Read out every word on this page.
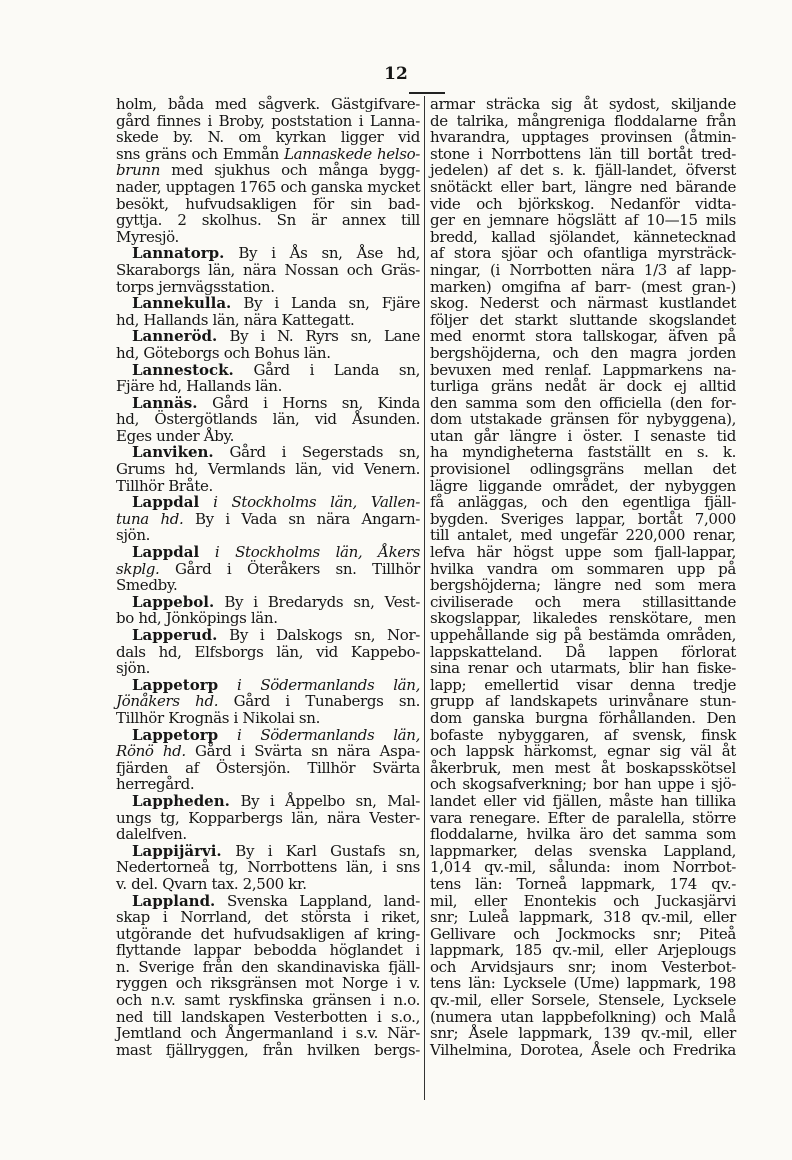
12
holm, båda med sågverk. Gästgifvare-
gård finnes i Broby, poststation i Lanna-
skede by. N. om kyrkan ligger vid
sns gräns och Emmån Lannaskede helso-
brunn med sjukhus och många bygg-
nader, upptagen 1765 och ganska mycket
besökt, hufvudsakligen för sin bad-
gyttja. 2 skolhus. Sn är annex till
Myresjö.
Lannatorp. By i Ås sn, Åse hd,
Skaraborgs län, nära Nossan och Gräs-
torps jernvägsstation.
Lannekulla. By i Landa sn, Fjäre
hd, Hallands län, nära Kattegatt.
Lanneröd. By i N. Ryrs sn, Lane
hd, Göteborgs och Bohus län.
Lannestock. Gård i Landa sn,
Fjäre hd, Hallands län.
Lannäs. Gård i Horns sn, Kinda
hd, Östergötlands län, vid Åsunden.
Eges under Åby.
Lanviken. Gård i Segerstads sn,
Grums hd, Vermlands län, vid Venern.
Tillhör Bråte.
Lappdal i Stockholms län, Vallen-
tuna hd. By i Vada sn nära Angarn-
sjön.
Lappdal i Stockholms län, Åkers
skplg. Gård i Öteråkers sn. Tillhör
Smedby.
Lappebol. By i Bredaryds sn, Vest-
bo hd, Jönköpings län.
Lapperud. By i Dalskogs sn, Nor-
dals hd, Elfsborgs län, vid Kappebo-
sjön.
Lappetorp i Södermanlands län,
Jönåkers hd. Gård i Tunabergs sn.
Tillhör Krognäs i Nikolai sn.
Lappetorp i Södermanlands län,
Rönö hd. Gård i Svärta sn nära Aspa-
fjärden af Östersjön. Tillhör Svärta
herregård.
Lappheden. By i Åppelbo sn, Mal-
ungs tg, Kopparbergs län, nära Vester-
dalelfven.
Lappijärvi. By i Karl Gustafs sn,
Nedertorneå tg, Norrbottens län, i sns
v. del. Qvarn tax. 2,500 kr.
Lappland. Svenska Lappland, land-
skap i Norrland, det största i riket,
utgörande det hufvudsakligen af kring-
flyttande lappar bebodda höglandet i
n. Sverige från den skandinaviska fjäll-
ryggen och riksgränsen mot Norge i v.
och n.v. samt ryskfinska gränsen i n.o.
ned till landskapen Vesterbotten i s.o.,
Jemtland och Ångermanland i s.v. När-
mast fjällryggen, från hvilken bergs-
armar sträcka sig åt sydost, skiljande
de talrika, mångreniga floddalarne från
hvarandra, upptages provinsen (åtmin-
stone i Norrbottens län till bortåt tred-
jedelen) af det s. k. fjäll-landet, öfverst
snötäckt eller bart, längre ned bärande
vide och björkskog. Nedanför vidta-
ger en jemnare högslätt af 10—15 mils
bredd, kallad sjölandet, kännetecknad
af stora sjöar och ofantliga myrsträck-
ningar, (i Norrbotten nära 1/3 af lapp-
marken) omgifna af barr- (mest gran-)
skog. Nederst och närmast kustlandet
följer det starkt sluttande skogslandet
med enormt stora tallskogar, äfven på
bergshöjderna, och den magra jorden
bevuxen med renlaf. Lappmarkens na-
turliga gräns nedåt är dock ej alltid
den samma som den officiella (den for-
dom utstakade gränsen för nybyggena),
utan går längre i öster. I senaste tid
ha myndigheterna fastställt en s. k.
provisionel odlingsgräns mellan det
lägre liggande området, der nybyggen
få anläggas, och den egentliga fjäll-
bygden. Sveriges lappar, bortåt 7,000
till antalet, med ungefär 220,000 renar,
lefva här högst uppe som fjall-lappar,
hvilka vandra om sommaren upp på
bergshöjderna; längre ned som mera
civiliserade och mera stillasittande
skogslappar, likaledes renskötare, men
uppehållande sig på bestämda områden,
lappskatteland. Då lappen förlorat
sina renar och utarmats, blir han fiske-
lapp; emellertid visar denna tredje
grupp af landskapets urinvånare stun-
dom ganska burgna förhållanden. Den
bofaste nybyggaren, af svensk, finsk
och lappsk härkomst, egnar sig väl åt
åkerbruk, men mest åt boskapsskötsel
och skogsafverkning; bor han uppe i sjö-
landet eller vid fjällen, måste han tillika
vara renegare. Efter de paralella, större
floddalarne, hvilka äro det samma som
lappmarker, delas svenska Lappland,
1,014 qv.-mil, sålunda: inom Norrbot-
tens län: Torneå lappmark, 174 qv.-
mil, eller Enontekis och Juckasjärvi
snr; Luleå lappmark, 318 qv.-mil, eller
Gellivare och Jockmocks snr; Piteå
lappmark, 185 qv.-mil, eller Arjeplougs
och Arvidsjaurs snr; inom Vesterbot-
tens län: Lycksele (Ume) lappmark, 198
qv.-mil, eller Sorsele, Stensele, Lycksele
(numera utan lappbefolkning) och Malå
snr; Åsele lappmark, 139 qv.-mil, eller
Vilhelmina, Dorotea, Åsele och Fredrika
